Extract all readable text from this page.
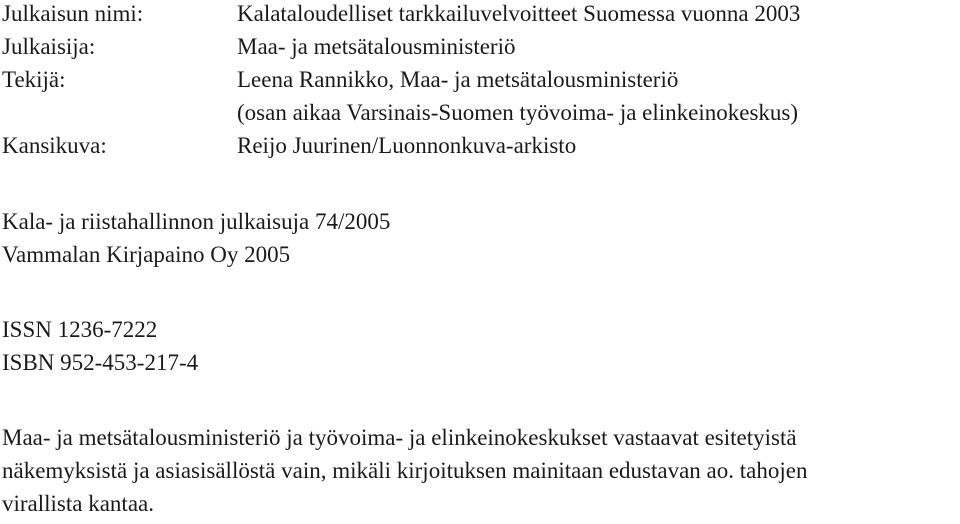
Julkaisun nimi:	Kalataloudelliset tarkkailuvelvoitteet Suomessa vuonna 2003
Julkaisija:	Maa- ja metsätalousministeriö
Tekijä:	Leena Rannikko, Maa- ja metsätalousministeriö
(osan aikaa Varsinais-Suomen työvoima- ja elinkeinokeskus)
Kansikuva:	Reijo Juurinen/Luonnonkuva-arkisto
Kala- ja riistahallinnon julkaisuja 74/2005
Vammalan Kirjapaino Oy 2005
ISSN 1236-7222
ISBN 952-453-217-4
Maa- ja metsätalousministeriö ja työvoima- ja elinkeinokeskukset vastaavat esitetyistä
näkemyksistä ja asiasisällöstä vain, mikäli kirjoituksen mainitaan edustavan ao. tahojen
virallista kantaa.
